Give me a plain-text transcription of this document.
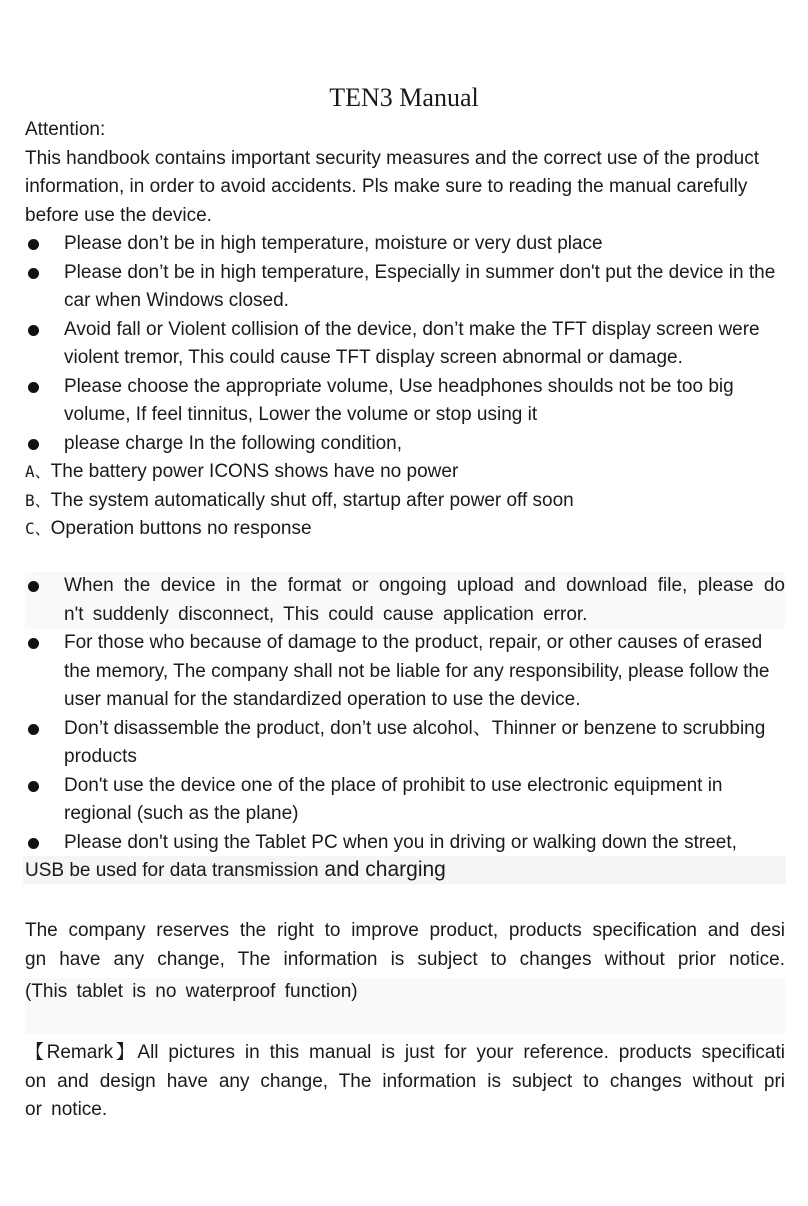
TEN3 Manual

Attention:

This handbook contains important security measures and the correct use of the product

information, in order to avoid accidents. Pls make sure to reading the manual carefully

before use the device.

Please don’t be in high temperature, moisture or very dust place
Please don’t be in high temperature, Especially in summer don't put the device in the
car when Windows closed.
Avoid fall or Violent collision of the device, don’t make the TFT display screen were
violent tremor, This could cause TFT display screen abnormal or damage.
Please choose the appropriate volume, Use headphones shoulds not be too big
volume, If feel tinnitus, Lower the volume or stop using it
please charge In the following condition,
A、The battery power ICONS shows have no power
B、The system automatically shut off, startup after power off soon
C、Operation buttons no response
When the device in the format or ongoing upload and download file, please do
n't suddenly disconnect, This could cause application error.
For those who because of damage to the product, repair, or other causes of erased
the memory, The company shall not be liable for any responsibility, please follow the
user manual for the standardized operation to use the device.
Don’t disassemble the product, don’t use alcohol、Thinner or benzene to scrubbing
products
Don't use the device one of the place of prohibit to use electronic equipment in
regional (such as the plane)
Please don't using the Tablet PC when you in driving or walking down the street,
USB be used for data transmission and charging
The company reserves the right to improve product, products specification and desi
gn have any change, The information is subject to changes without prior notice.
(This tablet is no waterproof function)
【Remark】All pictures in this manual is just for your reference. products specificati
on and design have any change, The information is subject to changes without pri
or notice.
